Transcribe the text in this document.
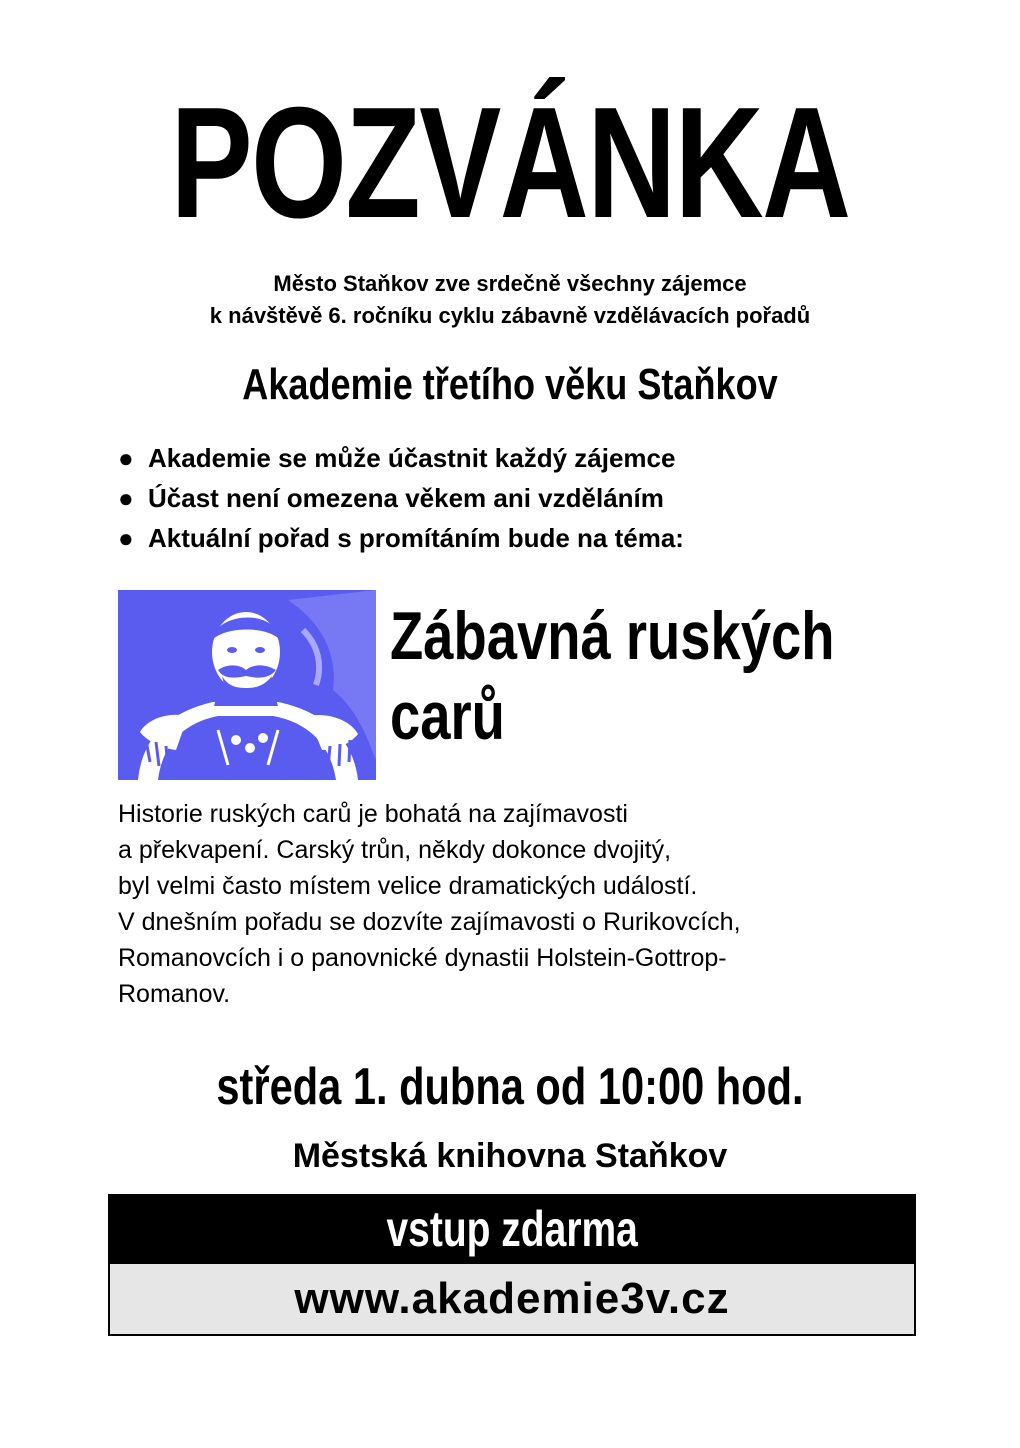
POZVÁNKA
Město Staňkov zve srdečně všechny zájemce
k návštěvě 6. ročníku cyklu zábavně vzdělávacích pořadů
Akademie třetího věku Staňkov
● Akademie se může účastnit každý zájemce
● Účast není omezena věkem ani vzděláním
● Aktuální pořad s promítáním bude na téma:
Zábavná ruských
carů
Historie ruských carů je bohatá na zajímavosti
a překvapení. Carský trůn, někdy dokonce dvojitý,
byl velmi často místem velice dramatických událostí.
V dnešním pořadu se dozvíte zajímavosti o Rurikovcích,
Romanovcích i o panovnické dynastii Holstein-Gottrop-
Romanov.
středa 1. dubna od 10:00 hod.
Městská knihovna Staňkov
vstup zdarma
www.akademie3v.cz
